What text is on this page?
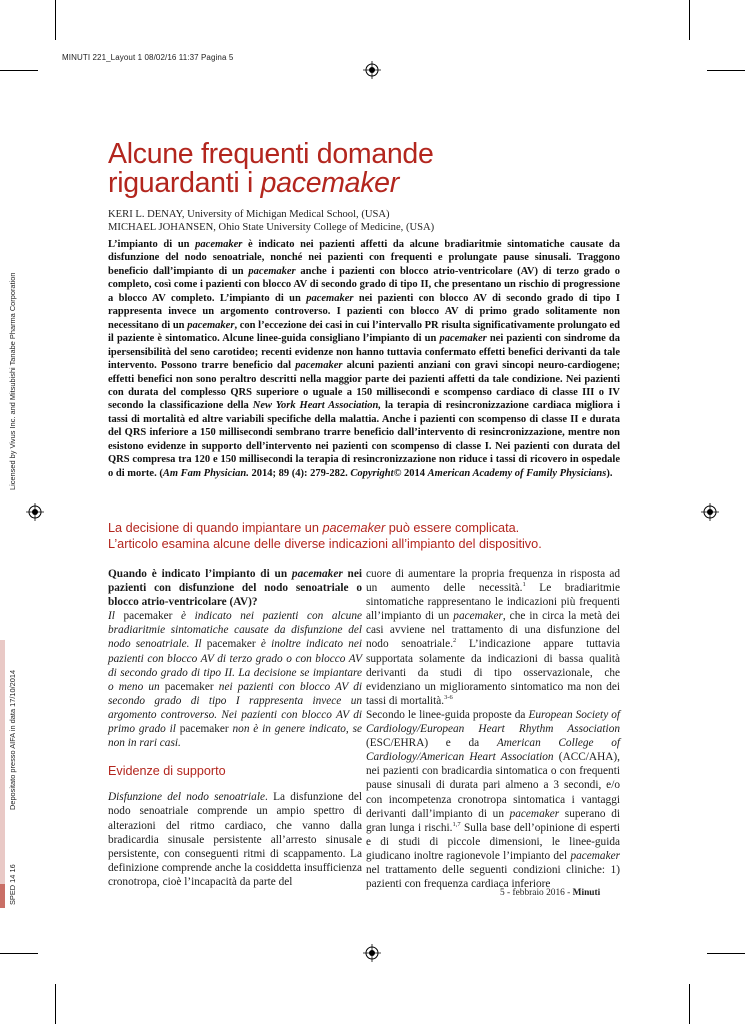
MINUTI 221_Layout 1 08/02/16 11:37 Pagina 5
Licensed by Vivus Inc. and Mitsubishi Tanabe Pharma Corporation
Depositato presso AIFA in data 17/10/2014
SPED 14 16
Alcune frequenti domande
riguardanti i pacemaker
KERI L. DENAY, University of Michigan Medical School, (USA)
MICHAEL JOHANSEN, Ohio State University College of Medicine, (USA)
L’impianto di un pacemaker è indicato nei pazienti affetti da alcune bradiaritmie sintomatiche causate da disfunzione del nodo senoatriale, nonché nei pazienti con frequenti e prolungate pause sinusali. Traggono beneficio dall’impianto di un pacemaker anche i pazienti con blocco atrio-ventricolare (AV) di terzo grado o completo, così come i pazienti con blocco AV di secondo grado di tipo II, che presentano un rischio di progressione a blocco AV completo. L’impianto di un pacemaker nei pazienti con blocco AV di secondo grado di tipo I rappresenta invece un argomento controverso. I pazienti con blocco AV di primo grado solitamente non necessitano di un pacemaker, con l’eccezione dei casi in cui l’intervallo PR risulta significativamente prolungato ed il paziente è sintomatico. Alcune linee-guida consigliano l’impianto di un pacemaker nei pazienti con sindrome da ipersensibilità del seno carotideo; recenti evidenze non hanno tuttavia confermato effetti benefici derivanti da tale intervento. Possono trarre beneficio dal pacemaker alcuni pazienti anziani con gravi sincopi neuro-cardiogene; effetti benefici non sono peraltro descritti nella maggior parte dei pazienti affetti da tale condizione. Nei pazienti con durata del complesso QRS superiore o uguale a 150 millisecondi e scompenso cardiaco di classe III o IV secondo la classificazione della New York Heart Association, la terapia di resincronizzazione cardiaca migliora i tassi di mortalità ed altre variabili specifiche della malattia. Anche i pazienti con scompenso di classe II e durata del QRS inferiore a 150 millisecondi sembrano trarre beneficio dall’intervento di resincronizzazione, mentre non esistono evidenze in supporto dell’intervento nei pazienti con scompenso di classe I. Nei pazienti con durata del QRS compresa tra 120 e 150 millisecondi la terapia di resincronizzazione non riduce i tassi di ricovero in ospedale o di morte. (Am Fam Physician. 2014; 89 (4): 279-282. Copyright© 2014 American Academy of Family Physicians).
La decisione di quando impiantare un pacemaker può essere complicata.
L’articolo esamina alcune delle diverse indicazioni all’impianto del dispositivo.

Quando è indicato l’impianto di un pacemaker nei pazienti con disfunzione del nodo senoatriale o blocco atrio-ventricolare (AV)?

Il pacemaker è indicato nei pazienti con alcune bradiaritmie sintomatiche causate da disfunzione del nodo senoatriale. Il pacemaker è inoltre indicato nei pazienti con blocco AV di terzo grado o con blocco AV di secondo grado di tipo II. La decisione se impiantare o meno un pacemaker nei pazienti con blocco AV di secondo grado di tipo I rappresenta invece un argomento controverso. Nei pazienti con blocco AV di primo grado il pacemaker non è in genere indicato, se non in rari casi.

Evidenze di supporto

Disfunzione del nodo senoatriale. La disfunzione del nodo senoatriale comprende un ampio spettro di alterazioni del ritmo cardiaco, che vanno dalla bradicardia sinusale persistente all’arresto sinusale persistente, con conseguenti ritmi di scappamento. La definizione comprende anche la cosiddetta insufficienza cronotropa, cioè l’incapacità da parte del

cuore di aumentare la propria frequenza in risposta ad un aumento delle necessità.$^1$ Le bradiaritmie sintomatiche rappresentano le indicazioni più frequenti all’impianto di un pacemaker, che in circa la metà dei casi avviene nel trattamento di una disfunzione del nodo senoatriale.$^2$ L’indicazione appare tuttavia supportata solamente da indicazioni di bassa qualità derivanti da studi di tipo osservazionale, che evidenziano un miglioramento sintomatico ma non dei tassi di mortalità.$^{3-6}$

Secondo le linee-guida proposte da European Society of Cardiology/European Heart Rhythm Association (ESC/EHRA) e da American College of Cardiology/American Heart Association (ACC/AHA), nei pazienti con bradicardia sintomatica o con frequenti pause sinusali di durata pari almeno a 3 secondi, e/o con incompetenza cronotropa sintomatica i vantaggi derivanti dall’impianto di un pacemaker superano di gran lunga i rischi.$^{1,7}$ Sulla base dell’opinione di esperti e di studi di piccole dimensioni, le linee-guida giudicano inoltre ragionevole l’impianto del pacemaker nel trattamento delle seguenti condizioni cliniche: 1) pazienti con frequenza cardiaca inferiore

5 - febbraio 2016 - Minuti
